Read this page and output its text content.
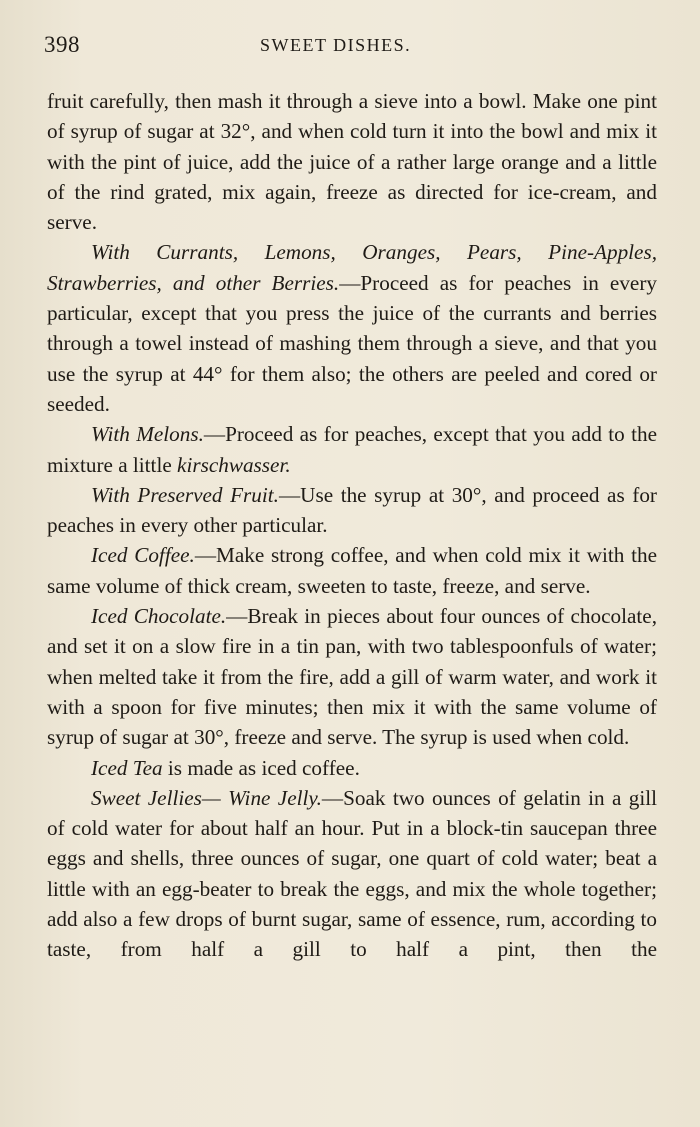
398	SWEET DISHES.

fruit carefully, then mash it through a sieve into a bowl. Make one pint of syrup of sugar at 32°, and when cold turn it into the bowl and mix it with the pint of juice, add the juice of a rather large orange and a little of the rind grated, mix again, freeze as directed for ice-cream, and serve.

With Currants, Lemons, Oranges, Pears, Pine-Apples, Strawberries, and other Berries.—Proceed as for peaches in every particular, except that you press the juice of the currants and berries through a towel instead of mashing them through a sieve, and that you use the syrup at 44° for them also; the others are peeled and cored or seeded.

With Melons.—Proceed as for peaches, except that you add to the mixture a little kirschwasser.

With Preserved Fruit.—Use the syrup at 30°, and proceed as for peaches in every other particular.

Iced Coffee.—Make strong coffee, and when cold mix it with the same volume of thick cream, sweeten to taste, freeze, and serve.

Iced Chocolate.—Break in pieces about four ounces of chocolate, and set it on a slow fire in a tin pan, with two tablespoonfuls of water; when melted take it from the fire, add a gill of warm water, and work it with a spoon for five minutes; then mix it with the same volume of syrup of sugar at 30°, freeze and serve. The syrup is used when cold.

Iced Tea is made as iced coffee.

Sweet Jellies— Wine Jelly.—Soak two ounces of gelatin in a gill of cold water for about half an hour. Put in a block-tin saucepan three eggs and shells, three ounces of sugar, one quart of cold water; beat a little with an egg-beater to break the eggs, and mix the whole together; add also a few drops of burnt sugar, same of essence, rum, according to taste, from half a gill to half a pint, then the
